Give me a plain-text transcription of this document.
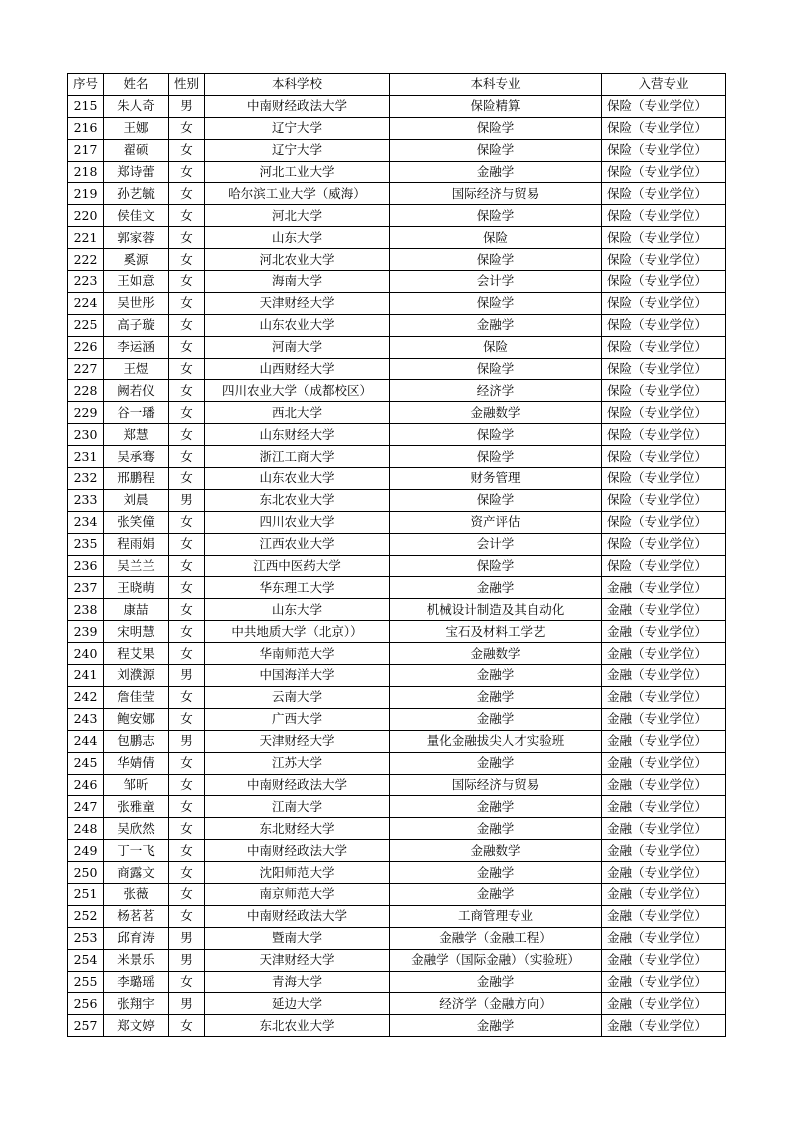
序号	姓名	性别	本科学校	本科专业	入营专业
215	朱人奇	男	中南财经政法大学	保险精算	保险（专业学位）
216	王娜	女	辽宁大学	保险学	保险（专业学位）
217	翟硕	女	辽宁大学	保险学	保险（专业学位）
218	郑诗蕾	女	河北工业大学	金融学	保险（专业学位）
219	孙艺毓	女	哈尔滨工业大学（威海）	国际经济与贸易	保险（专业学位）
220	侯佳文	女	河北大学	保险学	保险（专业学位）
221	郭家蓉	女	山东大学	保险	保险（专业学位）
222	奚源	女	河北农业大学	保险学	保险（专业学位）
223	王如意	女	海南大学	会计学	保险（专业学位）
224	吴世彤	女	天津财经大学	保险学	保险（专业学位）
225	高子璇	女	山东农业大学	金融学	保险（专业学位）
226	李运涵	女	河南大学	保险	保险（专业学位）
227	王煜	女	山西财经大学	保险学	保险（专业学位）
228	阙若仪	女	四川农业大学（成都校区）	经济学	保险（专业学位）
229	谷一璠	女	西北大学	金融数学	保险（专业学位）
230	郑慧	女	山东财经大学	保险学	保险（专业学位）
231	吴承骞	女	浙江工商大学	保险学	保险（专业学位）
232	邢鹏程	女	山东农业大学	财务管理	保险（专业学位）
233	刘晨	男	东北农业大学	保险学	保险（专业学位）
234	张笑僮	女	四川农业大学	资产评估	保险（专业学位）
235	程雨娟	女	江西农业大学	会计学	保险（专业学位）
236	吴兰兰	女	江西中医药大学	保险学	保险（专业学位）
237	王晓萌	女	华东理工大学	金融学	金融（专业学位）
238	康喆	女	山东大学	机械设计制造及其自动化	金融（专业学位）
239	宋明慧	女	中共地质大学（北京））	宝石及材料工学艺	金融（专业学位）
240	程艾果	女	华南师范大学	金融数学	金融（专业学位）
241	刘濮源	男	中国海洋大学	金融学	金融（专业学位）
242	詹佳莹	女	云南大学	金融学	金融（专业学位）
243	鲍安娜	女	广西大学	金融学	金融（专业学位）
244	包鹏志	男	天津财经大学	量化金融拔尖人才实验班	金融（专业学位）
245	华婧倩	女	江苏大学	金融学	金融（专业学位）
246	邹昕	女	中南财经政法大学	国际经济与贸易	金融（专业学位）
247	张雅童	女	江南大学	金融学	金融（专业学位）
248	吴欣然	女	东北财经大学	金融学	金融（专业学位）
249	丁一飞	女	中南财经政法大学	金融数学	金融（专业学位）
250	商露文	女	沈阳师范大学	金融学	金融（专业学位）
251	张薇	女	南京师范大学	金融学	金融（专业学位）
252	杨茗茗	女	中南财经政法大学	工商管理专业	金融（专业学位）
253	邱育涛	男	暨南大学	金融学（金融工程）	金融（专业学位）
254	米景乐	男	天津财经大学	金融学（国际金融）（实验班）	金融（专业学位）
255	李璐瑶	女	青海大学	金融学	金融（专业学位）
256	张翔宇	男	延边大学	经济学（金融方向）	金融（专业学位）
257	郑文婷	女	东北农业大学	金融学	金融（专业学位）
